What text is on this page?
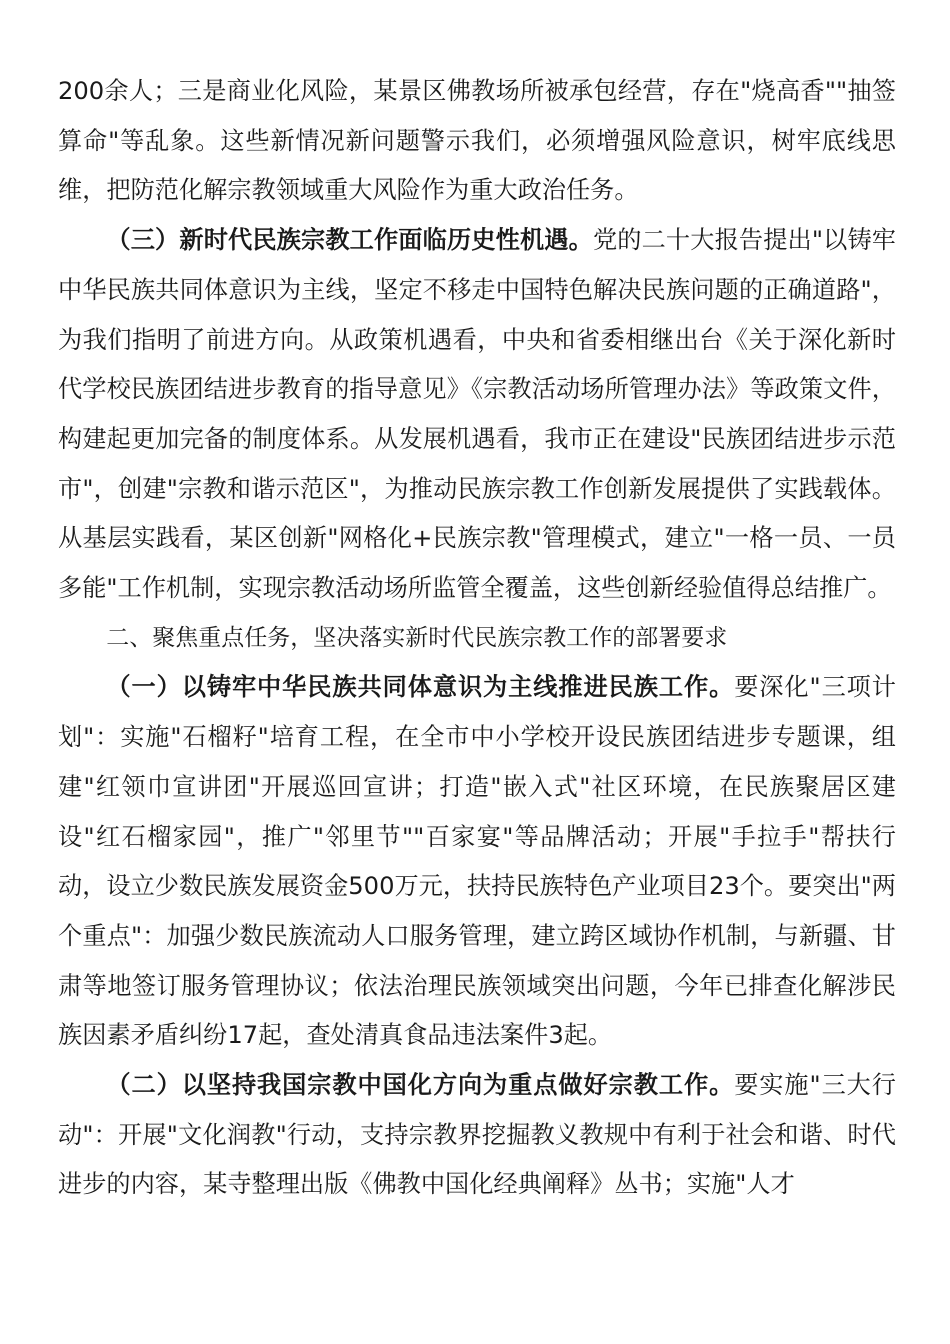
200余人；三是商业化风险，某景区佛教场所被承包经营，存在"烧高香""抽签算命"等乱象。这些新情况新问题警示我们，必须增强风险意识，树牢底线思维，把防范化解宗教领域重大风险作为重大政治任务。

（三）新时代民族宗教工作面临历史性机遇。党的二十大报告提出"以铸牢中华民族共同体意识为主线，坚定不移走中国特色解决民族问题的正确道路"，为我们指明了前进方向。从政策机遇看，中央和省委相继出台《关于深化新时代学校民族团结进步教育的指导意见》《宗教活动场所管理办法》等政策文件，构建起更加完备的制度体系。从发展机遇看，我市正在建设"民族团结进步示范市"，创建"宗教和谐示范区"，为推动民族宗教工作创新发展提供了实践载体。从基层实践看，某区创新"网格化+民族宗教"管理模式，建立"一格一员、一员多能"工作机制，实现宗教活动场所监管全覆盖，这些创新经验值得总结推广。

二、聚焦重点任务，坚决落实新时代民族宗教工作的部署要求

（一）以铸牢中华民族共同体意识为主线推进民族工作。要深化"三项计划"：实施"石榴籽"培育工程，在全市中小学校开设民族团结进步专题课，组建"红领巾宣讲团"开展巡回宣讲；打造"嵌入式"社区环境，在民族聚居区建设"红石榴家园"，推广"邻里节""百家宴"等品牌活动；开展"手拉手"帮扶行动，设立少数民族发展资金500万元，扶持民族特色产业项目23个。要突出"两个重点"：加强少数民族流动人口服务管理，建立跨区域协作机制，与新疆、甘肃等地签订服务管理协议；依法治理民族领域突出问题，今年已排查化解涉民族因素矛盾纠纷17起，查处清真食品违法案件3起。

（二）以坚持我国宗教中国化方向为重点做好宗教工作。要实施"三大行动"：开展"文化润教"行动，支持宗教界挖掘教义教规中有利于社会和谐、时代进步的内容，某寺整理出版《佛教中国化经典阐释》丛书；实施"人才
